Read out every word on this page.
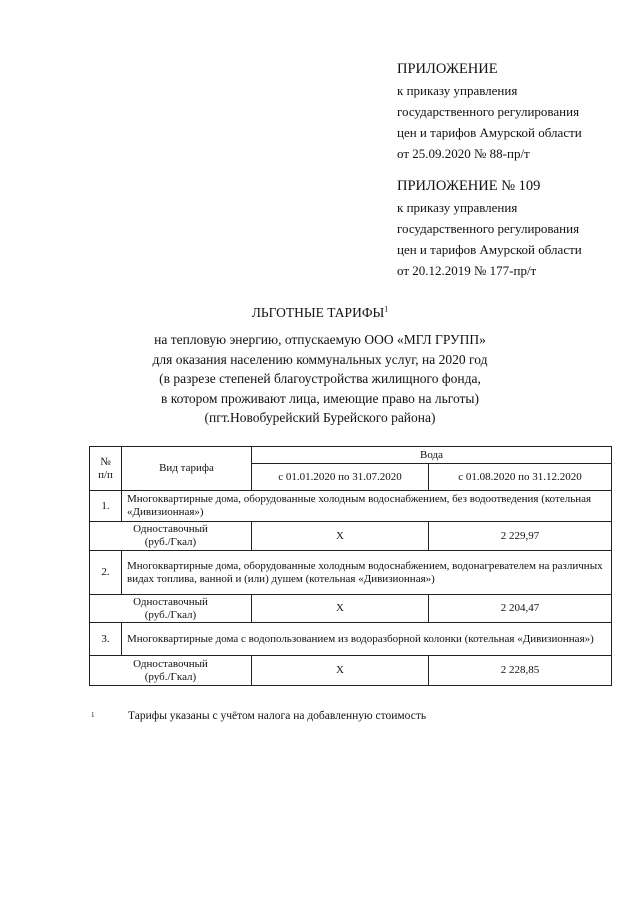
ПРИЛОЖЕНИЕ
к приказу управления
государственного регулирования
цен и тарифов Амурской области
от 25.09.2020 № 88-пр/т
ПРИЛОЖЕНИЕ № 109
к приказу управления
государственного регулирования
цен и тарифов Амурской области
от 20.12.2019 № 177-пр/т
ЛЬГОТНЫЕ ТАРИФЫ$^1$
на тепловую энергию, отпускаемую ООО «МГЛ ГРУПП»
для оказания населению коммунальных услуг, на 2020 год
(в разрезе степеней благоустройства жилищного фонда,
в котором проживают лица, имеющие право на льготы)
(пгт.Новобурейский Бурейского района)
№
п/п	Вид тарифа	Вода	
		с 01.01.2020 по 31.07.2020	с 01.08.2020 по 31.12.2020
1.	Многоквартирные дома, оборудованные холодным водоснабжением, без водоотведения (котельная «Дивизионная»)		
Одноставочный
(руб./Гкал)		X	2 229,97
2.	Многоквартирные дома, оборудованные холодным водоснабжением, водонагревателем на различных видах топлива, ванной и (или) душем (котельная «Дивизионная»)		
Одноставочный
(руб./Гкал)		X	2 204,47
3.	Многоквартирные дома с водопользованием из водоразборной колонки (котельная «Дивизионная»)		
Одноставочный
(руб./Гкал)		X	2 228,85
1	Тарифы указаны с учётом налога на добавленную стоимость
